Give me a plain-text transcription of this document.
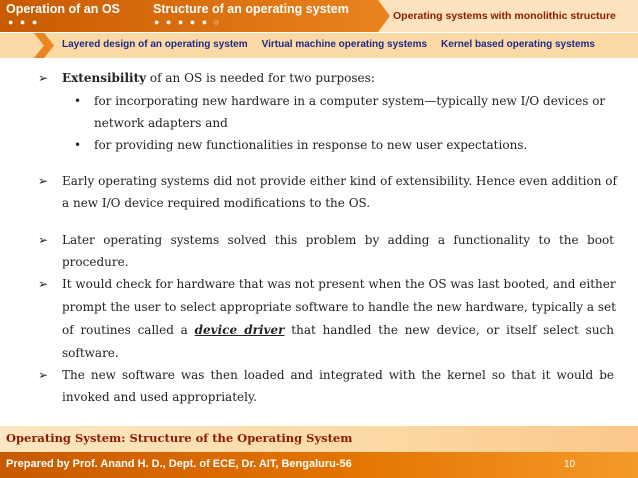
Operation of an OS
● ● ●
Structure of an operating system
● ● ● ● ● ○	Operating systems with monolithic structure
Layered design of an operating system Virtual machine operating systems Kernel based operating systems
➢ Extensibility of an OS is needed for two purposes:
• for incorporating new hardware in a computer system—typically new I/O devices or
network adapters and
• for providing new functionalities in response to new user expectations.
➢ Early operating systems did not provide either kind of extensibility. Hence even addition of
a new I/O device required modifications to the OS.
➢ Later operating systems solved this problem by adding a functionality to the boot
procedure.
➢ It would check for hardware that was not present when the OS was last booted, and either
prompt the user to select appropriate software to handle the new hardware, typically a set
of routines called a device driver that handled the new device, or itself select such
software.
➢ The new software was then loaded and integrated with the kernel so that it would be
invoked and used appropriately.
Operating System: Structure of the Operating System
Prepared by Prof. Anand H. D., Dept. of ECE, Dr. AIT, Bengaluru-56	10
